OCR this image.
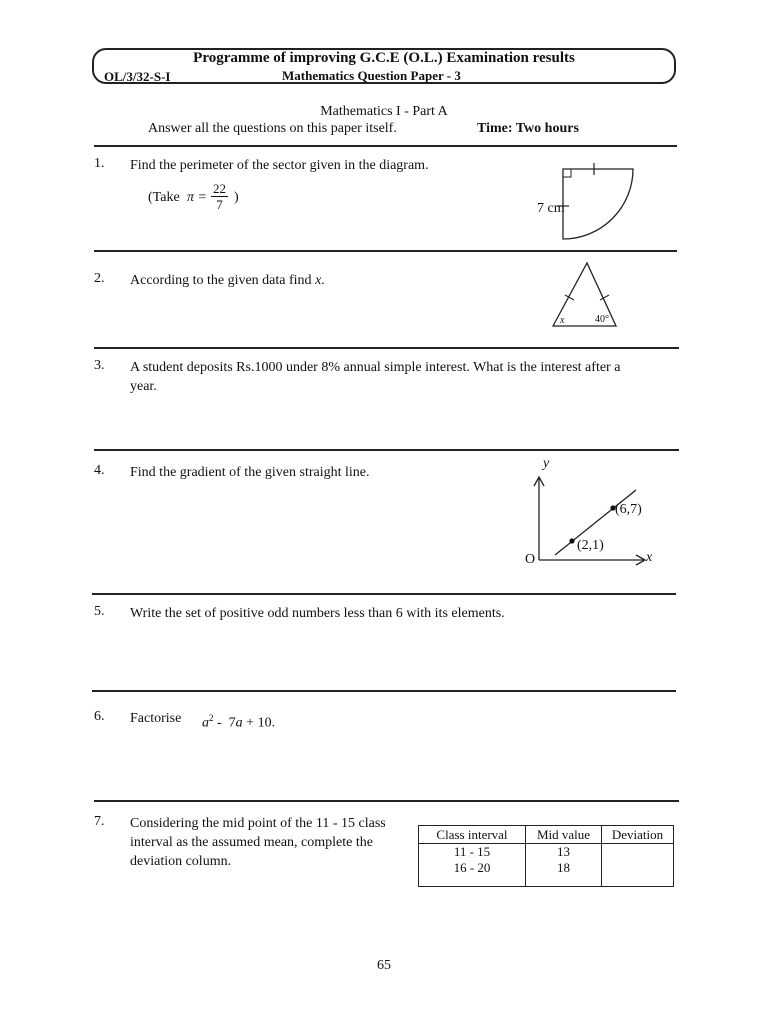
Programme of improving G.C.E (O.L.) Examination results
OL/3/32-S-I	Mathematics Question Paper - 3
Mathematics I - Part A
Answer all the questions on this paper itself.	Time: Two hours
1. Find the perimeter of the sector given in the diagram.
(Take $\pi = \frac{22}{7}$ )
7 cm
2. According to the given data find x.
x	40°
3. A student deposits Rs.1000 under 8% annual simple interest. What is the interest after a year.
4. Find the gradient of the given straight line.
y
x
O
(2,1)
(6,7)
5. Write the set of positive odd numbers less than 6 with its elements.
6. Factorise $a^2 - 7a + 10$.
7. Considering the mid point of the 11 - 15 class interval as the assumed mean, complete the deviation column.
Class interval	Mid value	Deviation
11 - 15	13	
16 - 20	18	
65
